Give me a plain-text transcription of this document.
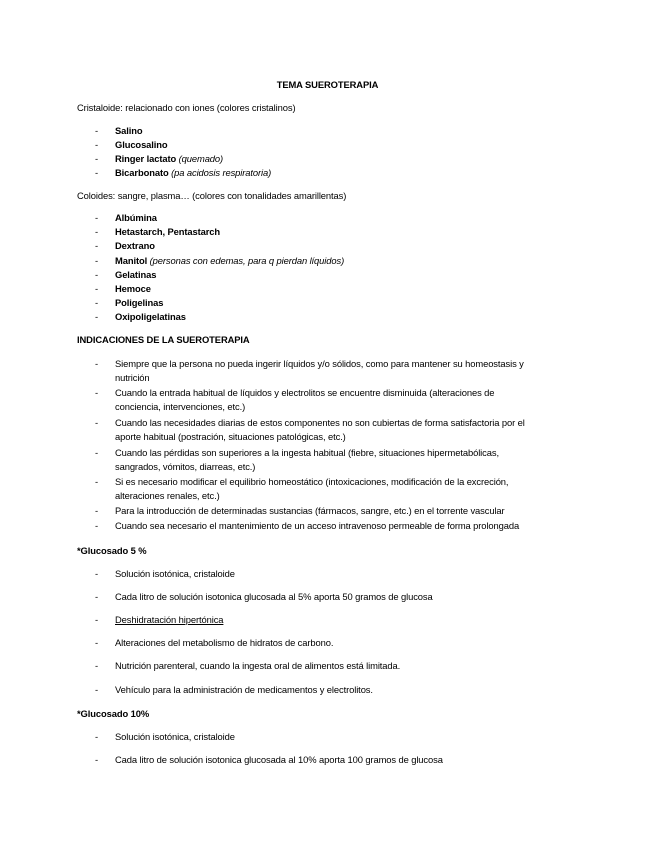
TEMA SUEROTERAPIA
Cristaloide: relacionado con iones (colores cristalinos)
-	Salino
-	Glucosalino
-	Ringer lactato (quemado)
-	Bicarbonato (pa acidosis respiratoria)
Coloides: sangre, plasma… (colores con tonalidades amarillentas)
-	Albúmina
-	Hetastarch, Pentastarch
-	Dextrano
-	Manitol (personas con edemas, para q pierdan líquidos)
-	Gelatinas
-	Hemoce
-	Poligelinas
-	Oxipoligelatinas
INDICACIONES DE LA SUEROTERAPIA
-	Siempre que la persona no pueda ingerir líquidos y/o sólidos, como para mantener su homeostasis y
nutrición
-	Cuando la entrada habitual de líquidos y electrolitos se encuentre disminuida (alteraciones de
conciencia, intervenciones, etc.)
-	Cuando las necesidades diarias de estos componentes no son cubiertas de forma satisfactoria por el
aporte habitual (postración, situaciones patológicas, etc.)
-	Cuando las pérdidas son superiores a la ingesta habitual (fiebre, situaciones hipermetabólicas,
sangrados, vómitos, diarreas, etc.)
-	Si es necesario modificar el equilibrio homeostático (intoxicaciones, modificación de la excreción,
alteraciones renales, etc.)
-	Para la introducción de determinadas sustancias (fármacos, sangre, etc.) en el torrente vascular
-	Cuando sea necesario el mantenimiento de un acceso intravenoso permeable de forma prolongada
*Glucosado 5 %
-	Solución isotónica, cristaloide
-	Cada litro de solución isotonica glucosada al 5% aporta 50 gramos de glucosa
-	Deshidratación hipertónica
-	Alteraciones del metabolismo de hidratos de carbono.
-	Nutrición parenteral, cuando la ingesta oral de alimentos está limitada.
-	Vehículo para la administración de medicamentos y electrolitos.
*Glucosado 10%
-	Solución isotónica, cristaloide
-	Cada litro de solución isotonica glucosada al 10% aporta 100 gramos de glucosa
